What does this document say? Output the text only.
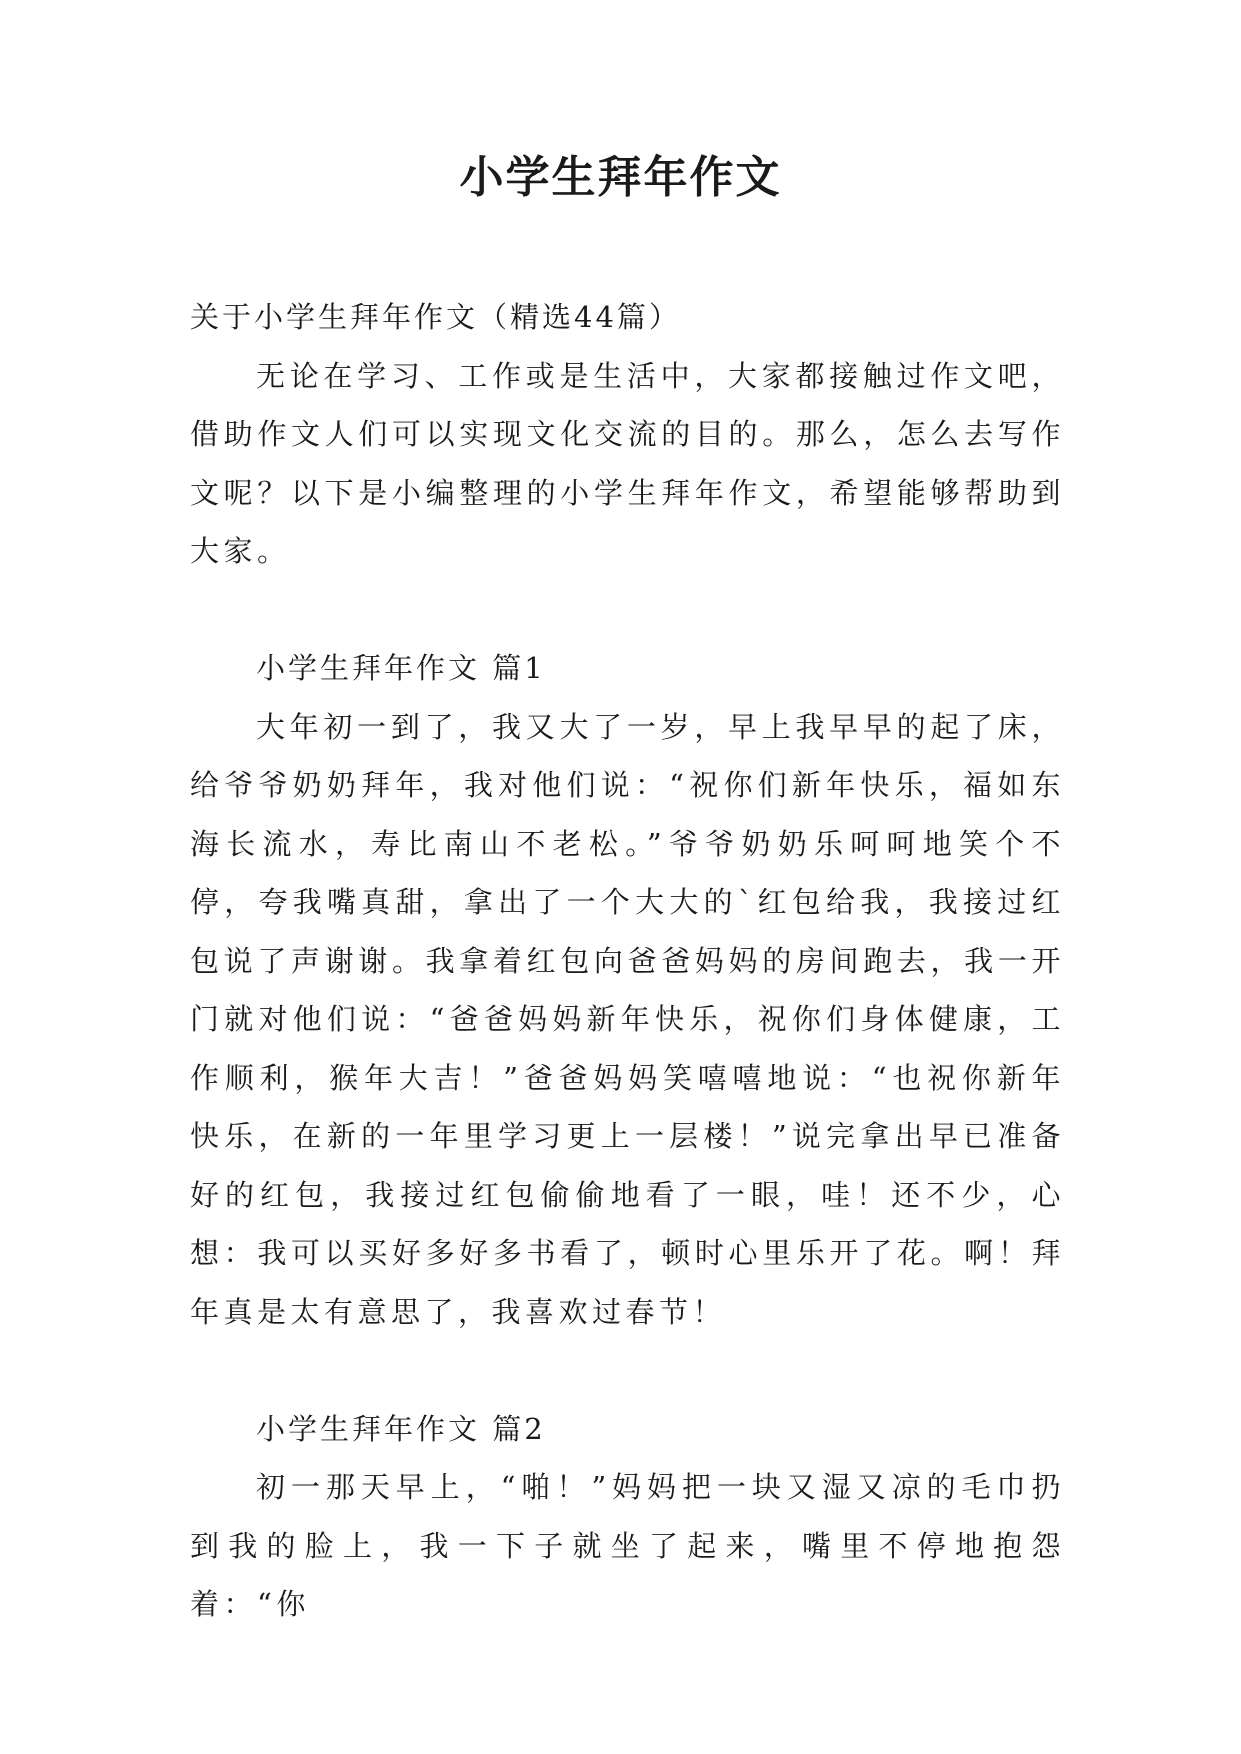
小学生拜年作文

关于小学生拜年作文（精选44篇）

无论在学习、工作或是生活中，大家都接触过作文吧，借助作文人们可以实现文化交流的目的。那么，怎么去写作文呢？以下是小编整理的小学生拜年作文，希望能够帮助到大家。

小学生拜年作文 篇1

大年初一到了，我又大了一岁，早上我早早的起了床，给爷爷奶奶拜年，我对他们说：“祝你们新年快乐，福如东海长流水，寿比南山不老松。”爷爷奶奶乐呵呵地笑个不停，夸我嘴真甜，拿出了一个大大的`红包给我，我接过红包说了声谢谢。我拿着红包向爸爸妈妈的房间跑去，我一开门就对他们说：“爸爸妈妈新年快乐，祝你们身体健康，工作顺利，猴年大吉！”爸爸妈妈笑嘻嘻地说：“也祝你新年快乐，在新的一年里学习更上一层楼！”说完拿出早已准备好的红包，我接过红包偷偷地看了一眼，哇！还不少，心想：我可以买好多好多书看了，顿时心里乐开了花。啊！拜年真是太有意思了，我喜欢过春节！

小学生拜年作文 篇2

初一那天早上，“啪！”妈妈把一块又湿又凉的毛巾扔到我的脸上，我一下子就坐了起来，嘴里不停地抱怨着：“你
